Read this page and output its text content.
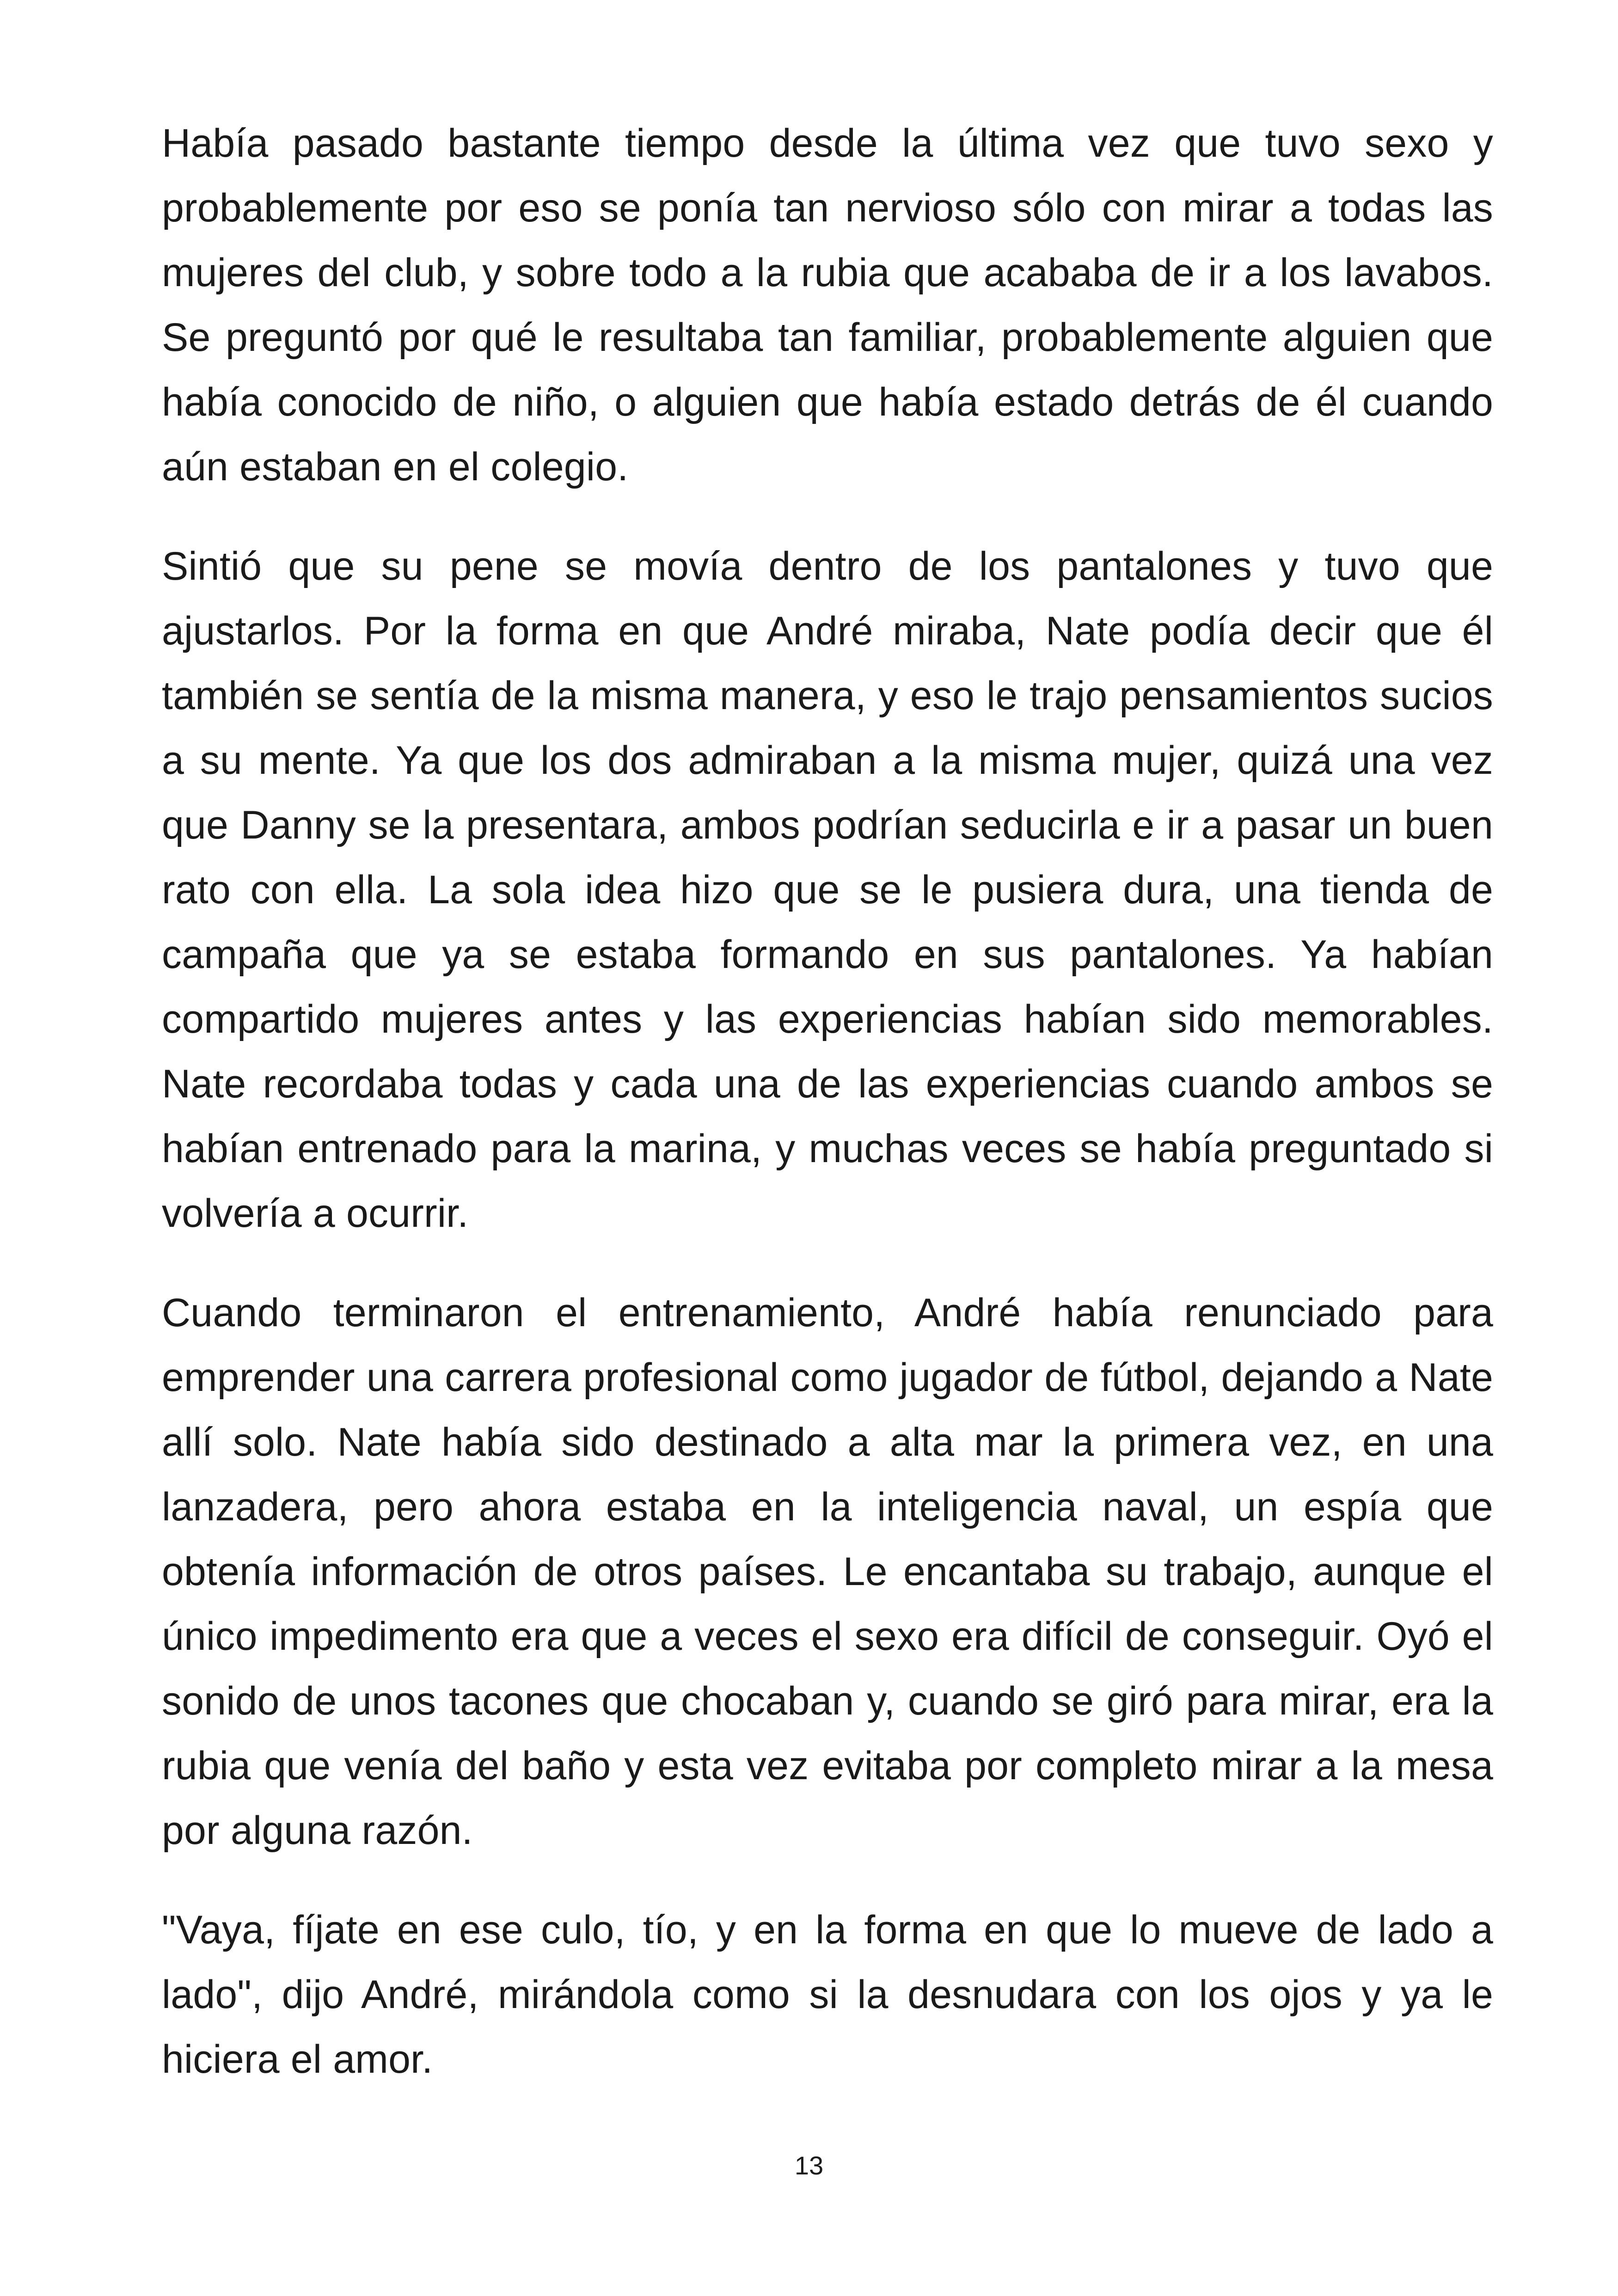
Había pasado bastante tiempo desde la última vez que tuvo sexo y probablemente por eso se ponía tan nervioso sólo con mirar a todas las mujeres del club, y sobre todo a la rubia que acababa de ir a los lavabos. Se preguntó por qué le resultaba tan familiar, probablemente alguien que había conocido de niño, o alguien que había estado detrás de él cuando aún estaban en el colegio.

Sintió que su pene se movía dentro de los pantalones y tuvo que ajustarlos. Por la forma en que André miraba, Nate podía decir que él también se sentía de la misma manera, y eso le trajo pensamientos sucios a su mente. Ya que los dos admiraban a la misma mujer, quizá una vez que Danny se la presentara, ambos podrían seducirla e ir a pasar un buen rato con ella. La sola idea hizo que se le pusiera dura, una tienda de campaña que ya se estaba formando en sus pantalones. Ya habían compartido mujeres antes y las experiencias habían sido memorables. Nate recordaba todas y cada una de las experiencias cuando ambos se habían entrenado para la marina, y muchas veces se había preguntado si volvería a ocurrir.

Cuando terminaron el entrenamiento, André había renunciado para emprender una carrera profesional como jugador de fútbol, dejando a Nate allí solo. Nate había sido destinado a alta mar la primera vez, en una lanzadera, pero ahora estaba en la inteligencia naval, un espía que obtenía información de otros países. Le encantaba su trabajo, aunque el único impedimento era que a veces el sexo era difícil de conseguir. Oyó el sonido de unos tacones que chocaban y, cuando se giró para mirar, era la rubia que venía del baño y esta vez evitaba por completo mirar a la mesa por alguna razón.

"Vaya, fíjate en ese culo, tío, y en la forma en que lo mueve de lado a lado", dijo André, mirándola como si la desnudara con los ojos y ya le hiciera el amor.

13
